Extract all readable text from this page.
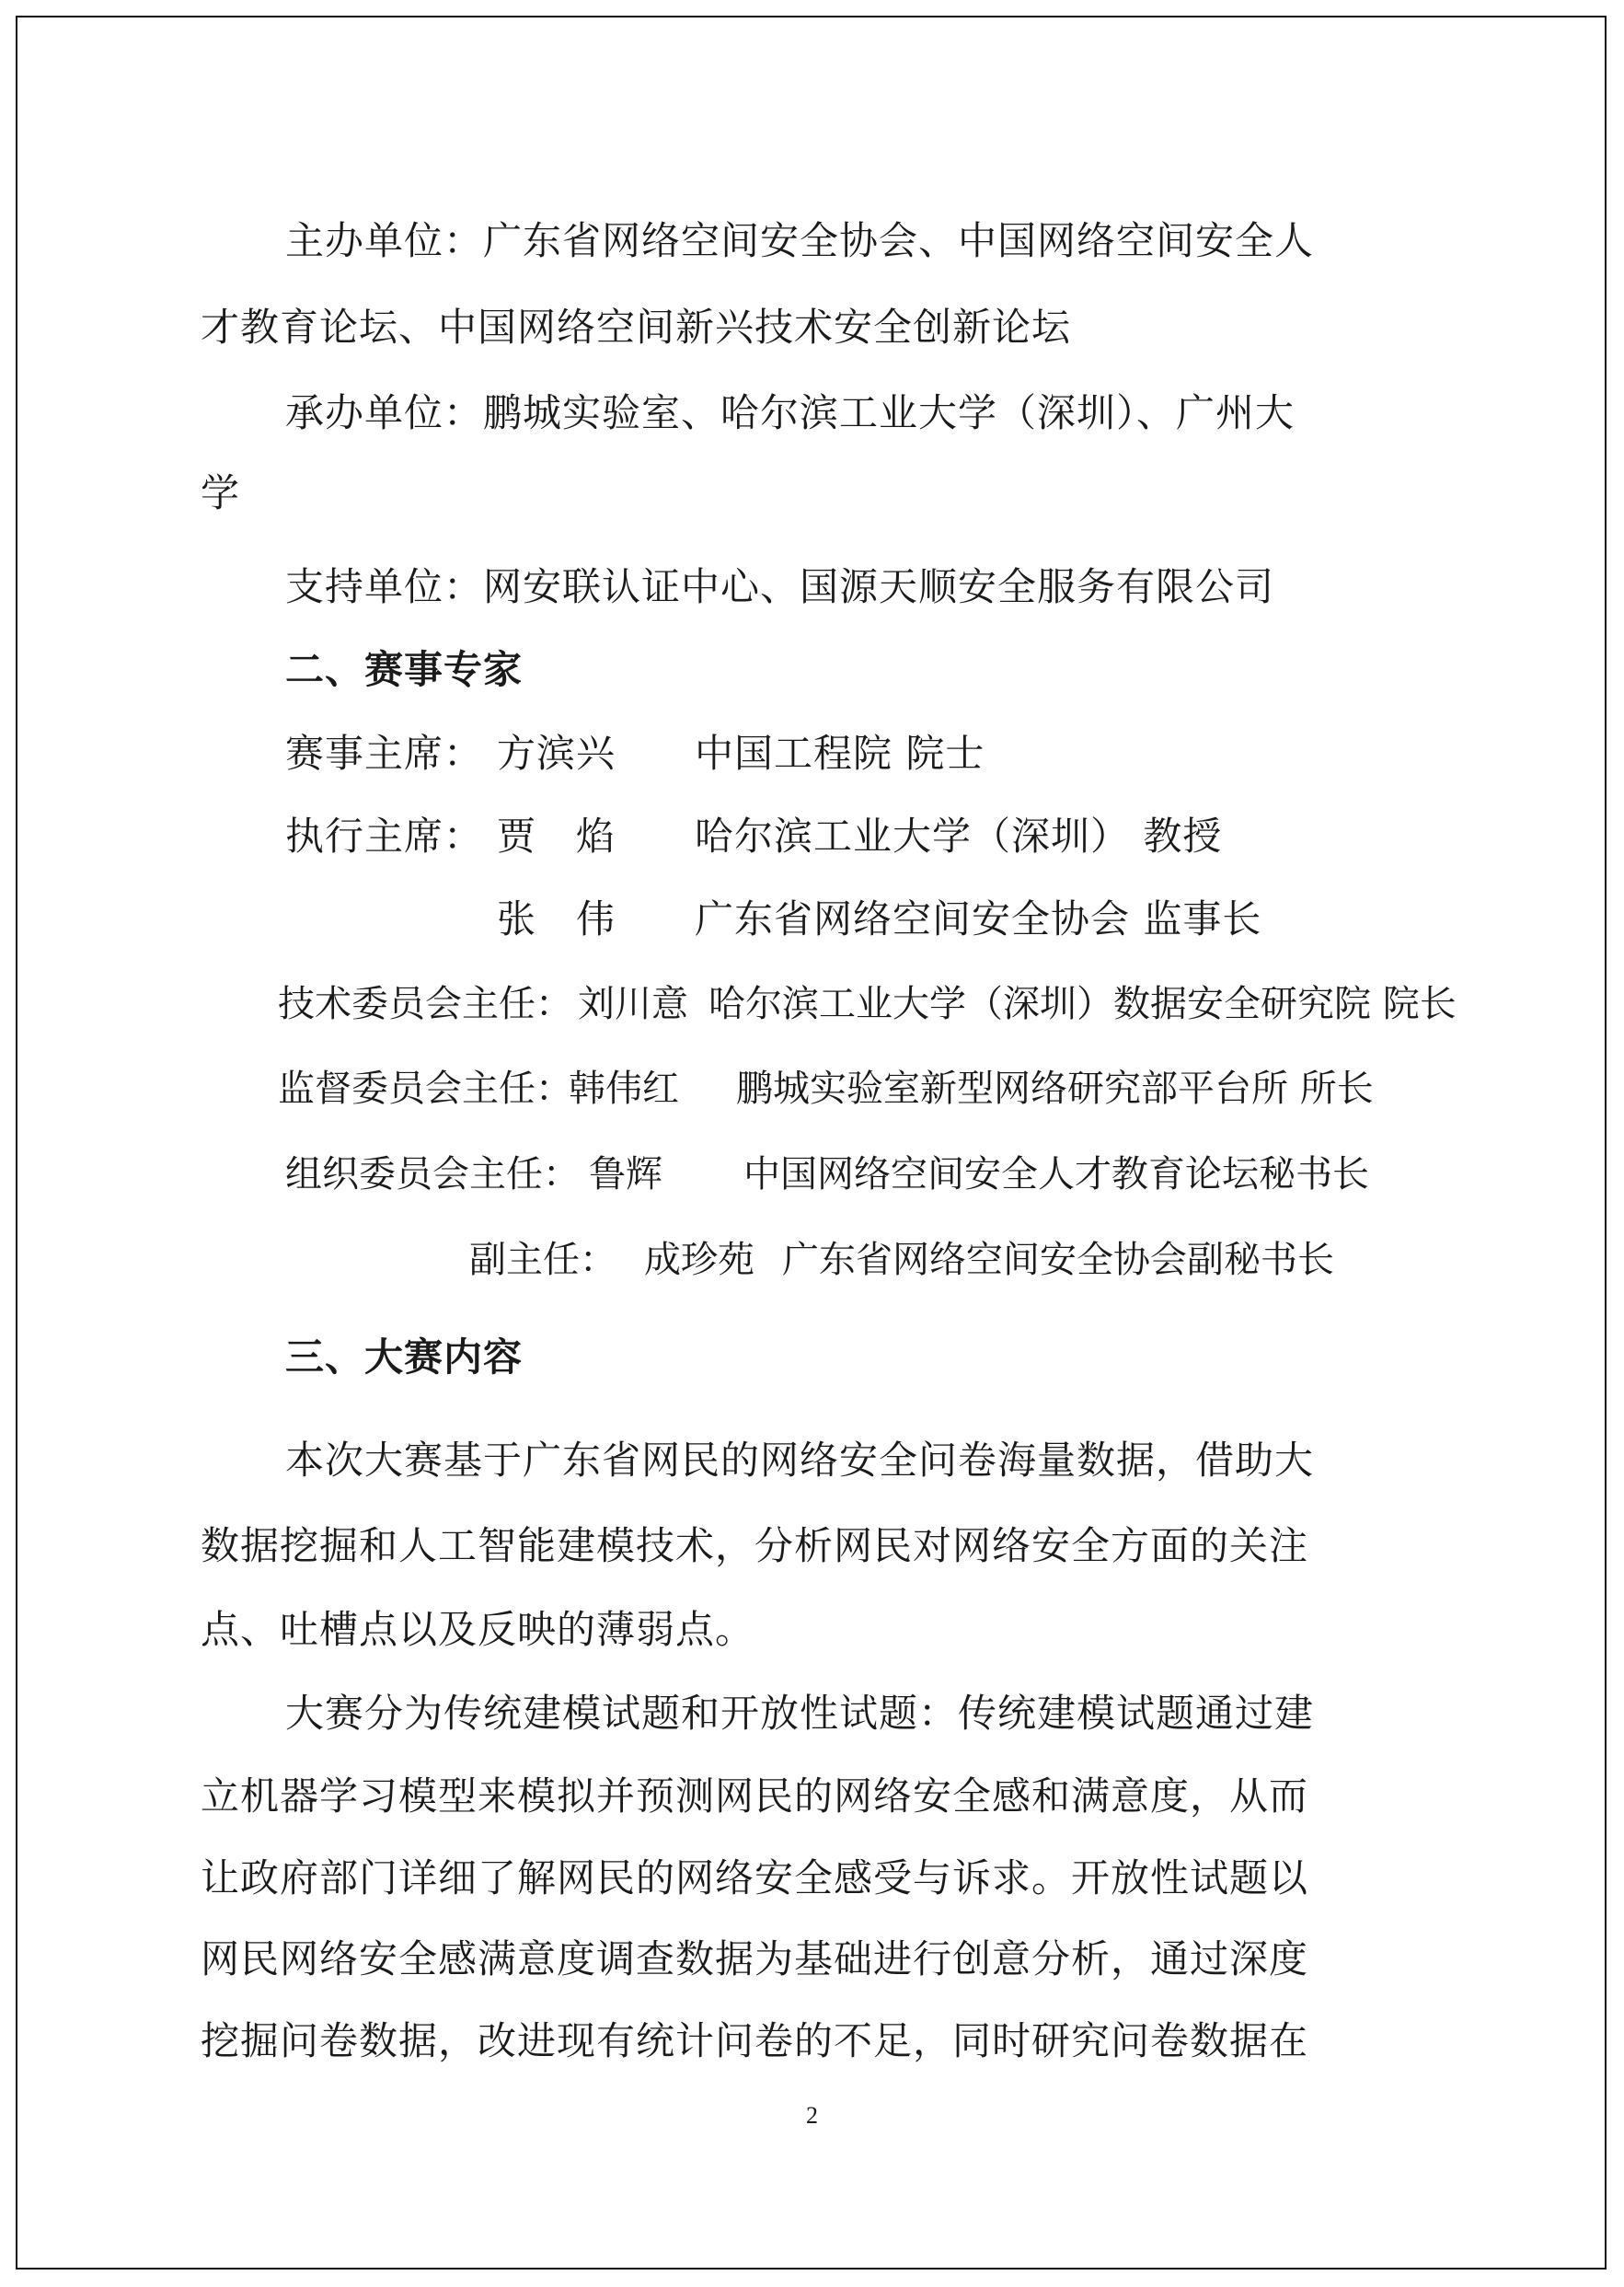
主办单位：广东省网络空间安全协会、中国网络空间安全人
才教育论坛、中国网络空间新兴技术安全创新论坛
承办单位：鹏城实验室、哈尔滨工业大学（深圳）、广州大
学
支持单位：网安联认证中心、国源天顺安全服务有限公司
二、赛事专家
赛事主席： 方滨兴 中国工程院 院士
执行主席： 贾　焰 哈尔滨工业大学（深圳） 教授
张　伟 广东省网络空间安全协会 监事长
技术委员会主任： 刘川意 哈尔滨工业大学（深圳）数据安全研究院 院长
监督委员会主任：
韩伟红 鹏城实验室新型网络研究部平台所 所长
组织委员会主任： 鲁辉 中国网络空间安全人才教育论坛秘书长
副主任： 成珍苑 广东省网络空间安全协会副秘书长
三、大赛内容
本次大赛基于广东省网民的网络安全问卷海量数据，借助大
数据挖掘和人工智能建模技术，分析网民对网络安全方面的关注
点、吐槽点以及反映的薄弱点。
大赛分为传统建模试题和开放性试题：传统建模试题通过建
立机器学习模型来模拟并预测网民的网络安全感和满意度，从而
让政府部门详细了解网民的网络安全感受与诉求。开放性试题以
网民网络安全感满意度调查数据为基础进行创意分析，通过深度
挖掘问卷数据，改进现有统计问卷的不足，同时研究问卷数据在
2
